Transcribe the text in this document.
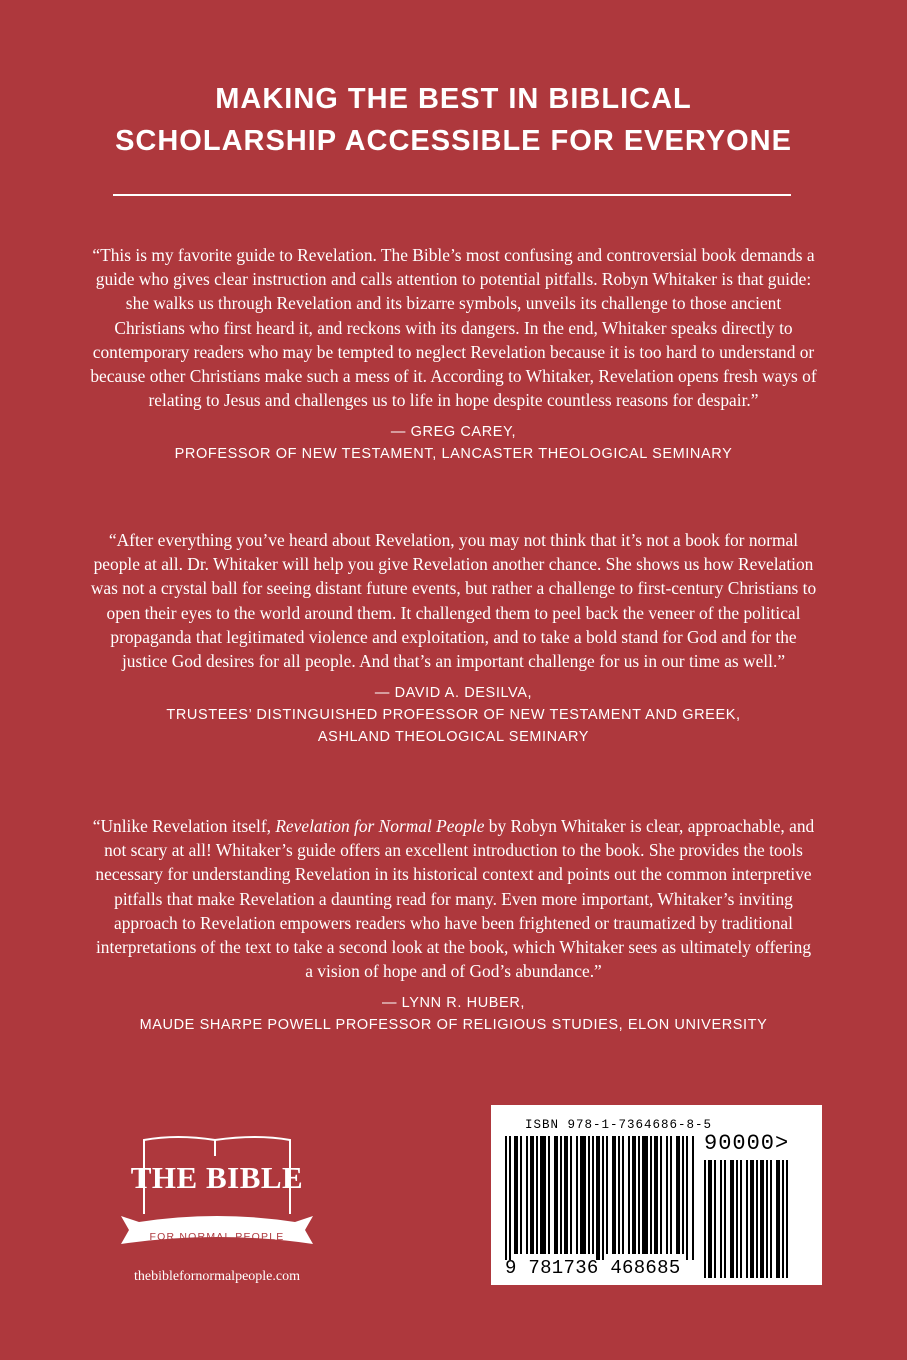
MAKING THE BEST IN BIBLICAL
SCHOLARSHIP ACCESSIBLE FOR EVERYONE

“This is my favorite guide to Revelation. The Bible’s most confusing and controversial book demands a guide who gives clear instruction and calls attention to potential pitfalls. Robyn Whitaker is that guide: she walks us through Revelation and its bizarre symbols, unveils its challenge to those ancient Christians who first heard it, and reckons with its dangers. In the end, Whitaker speaks directly to contemporary readers who may be tempted to neglect Revelation because it is too hard to understand or because other Christians make such a mess of it. According to Whitaker, Revelation opens fresh ways of relating to Jesus and challenges us to life in hope despite countless reasons for despair.”

— GREG CAREY,
PROFESSOR OF NEW TESTAMENT, LANCASTER THEOLOGICAL SEMINARY

“After everything you’ve heard about Revelation, you may not think that it’s not a book for normal people at all. Dr. Whitaker will help you give Revelation another chance. She shows us how Revelation was not a crystal ball for seeing distant future events, but rather a challenge to first-century Christians to open their eyes to the world around them. It challenged them to peel back the veneer of the political propaganda that legitimated violence and exploitation, and to take a bold stand for God and for the justice God desires for all people. And that’s an important challenge for us in our time as well.”

— DAVID A. DESILVA,
TRUSTEES’ DISTINGUISHED PROFESSOR OF NEW TESTAMENT AND GREEK,
ASHLAND THEOLOGICAL SEMINARY

“Unlike Revelation itself, Revelation for Normal People by Robyn Whitaker is clear, approachable, and not scary at all! Whitaker’s guide offers an excellent introduction to the book. She provides the tools necessary for understanding Revelation in its historical context and points out the common interpretive pitfalls that make Revelation a daunting read for many. Even more important, Whitaker’s inviting approach to Revelation empowers readers who have been frightened or traumatized by traditional interpretations of the text to take a second look at the book, which Whitaker sees as ultimately offering a vision of hope and of God’s abundance.”

— LYNN R. HUBER,
MAUDE SHARPE POWELL PROFESSOR OF RELIGIOUS STUDIES, ELON UNIVERSITY
THE BIBLE
FOR NORMAL PEOPLE
thebiblefornormalpeople.com
ISBN 978-1-7364686-8-5
90000>
9 781736 468685
